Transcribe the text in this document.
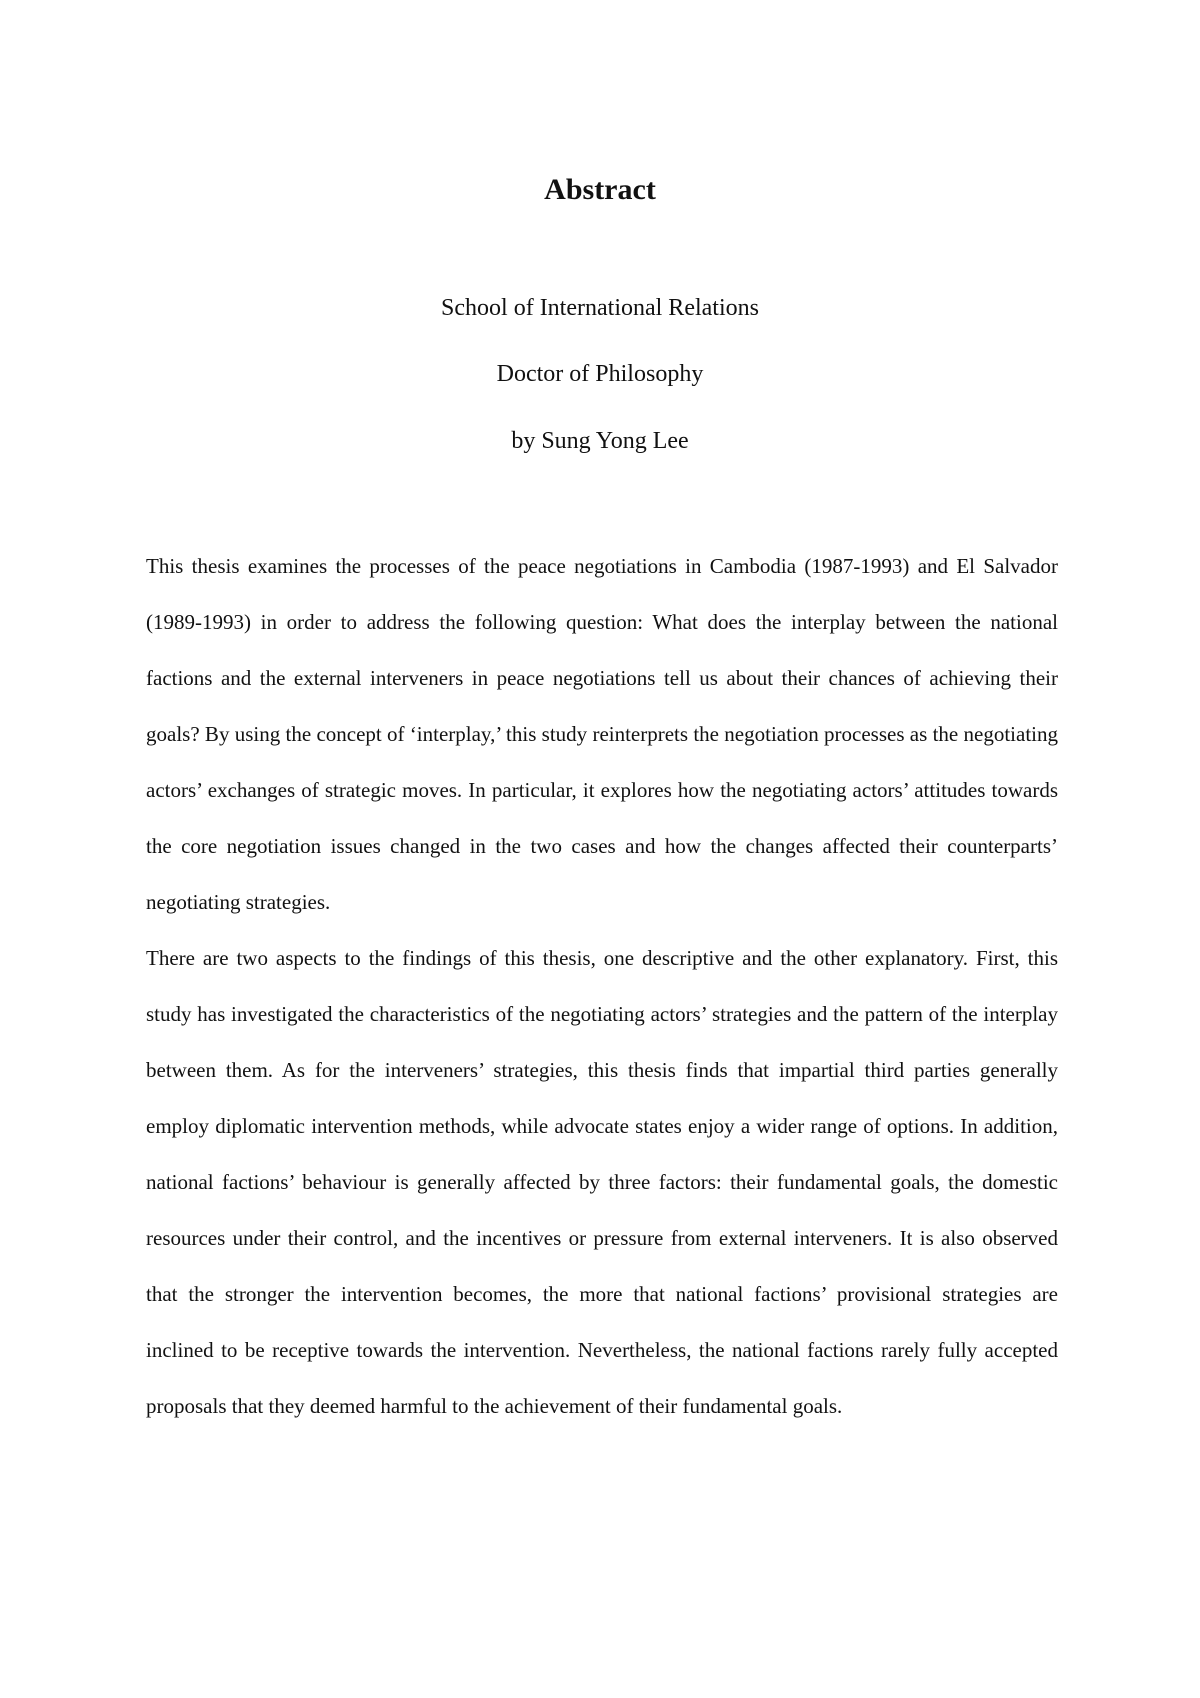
Abstract

School of International Relations

Doctor of Philosophy

by Sung Yong Lee

This thesis examines the processes of the peace negotiations in Cambodia (1987-1993) and El Salvador (1989-1993) in order to address the following question: What does the interplay between the national factions and the external interveners in peace negotiations tell us about their chances of achieving their goals? By using the concept of ‘interplay,’ this study reinterprets the negotiation processes as the negotiating actors’ exchanges of strategic moves. In particular, it explores how the negotiating actors’ attitudes towards the core negotiation issues changed in the two cases and how the changes affected their counterparts’ negotiating strategies.

There are two aspects to the findings of this thesis, one descriptive and the other explanatory. First, this study has investigated the characteristics of the negotiating actors’ strategies and the pattern of the interplay between them. As for the interveners’ strategies, this thesis finds that impartial third parties generally employ diplomatic intervention methods, while advocate states enjoy a wider range of options. In addition, national factions’ behaviour is generally affected by three factors: their fundamental goals, the domestic resources under their control, and the incentives or pressure from external interveners. It is also observed that the stronger the intervention becomes, the more that national factions’ provisional strategies are inclined to be receptive towards the intervention. Nevertheless, the national factions rarely fully accepted proposals that they deemed harmful to the achievement of their fundamental goals.
